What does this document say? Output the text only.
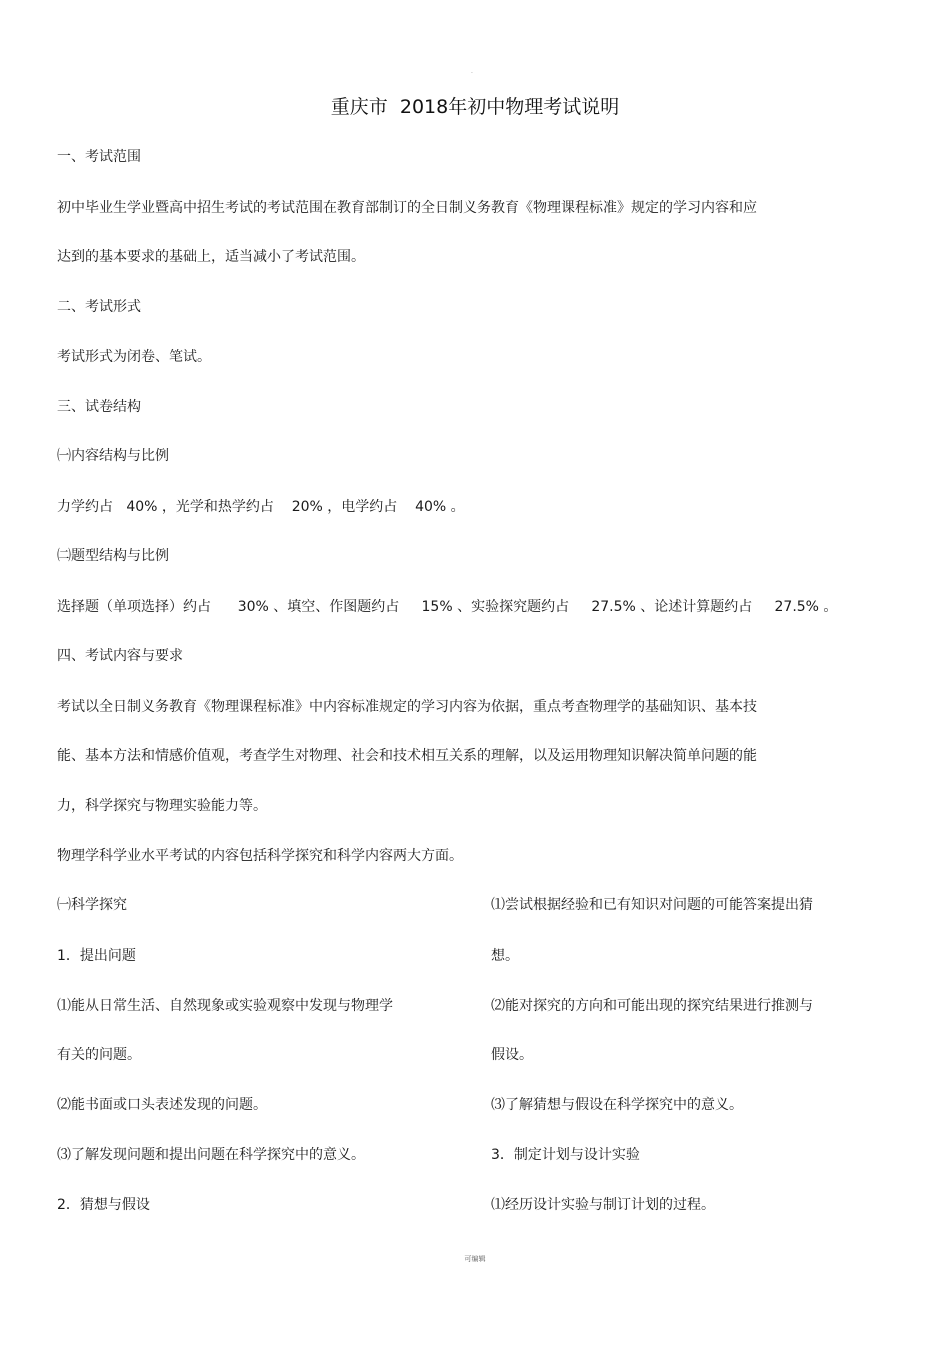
·
重庆市  2018年初中物理考试说明
一、考试范围
初中毕业生学业暨高中招生考试的考试范围在教育部制订的全日制义务教育《物理课程标准》规定的学习内容和应
达到的基本要求的基础上，适当减小了考试范围。
二、考试形式
考试形式为闭卷、笔试。
三、试卷结构
㈠内容结构与比例
力学约占   40% ，光学和热学约占    20% ，电学约占    40% 。
㈡题型结构与比例
选择题（单项选择）约占      30% 、填空、作图题约占     15% 、实验探究题约占     27.5% 、论述计算题约占     27.5% 。
四、考试内容与要求
考试以全日制义务教育《物理课程标准》中内容标准规定的学习内容为依据，重点考查物理学的基础知识、基本技
能、基本方法和情感价值观，考查学生对物理、社会和技术相互关系的理解，以及运用物理知识解决简单问题的能
力，科学探究与物理实验能力等。
物理学科学业水平考试的内容包括科学探究和科学内容两大方面。
㈠科学探究
1．提出问题
⑴能从日常生活、自然现象或实验观察中发现与物理学
有关的问题。
⑵能书面或口头表述发现的问题。
⑶了解发现问题和提出问题在科学探究中的意义。
2．猜想与假设
⑴尝试根据经验和已有知识对问题的可能答案提出猜
想。
⑵能对探究的方向和可能出现的探究结果进行推测与
假设。
⑶了解猜想与假设在科学探究中的意义。
3．制定计划与设计实验
⑴经历设计实验与制订计划的过程。
可编辑
